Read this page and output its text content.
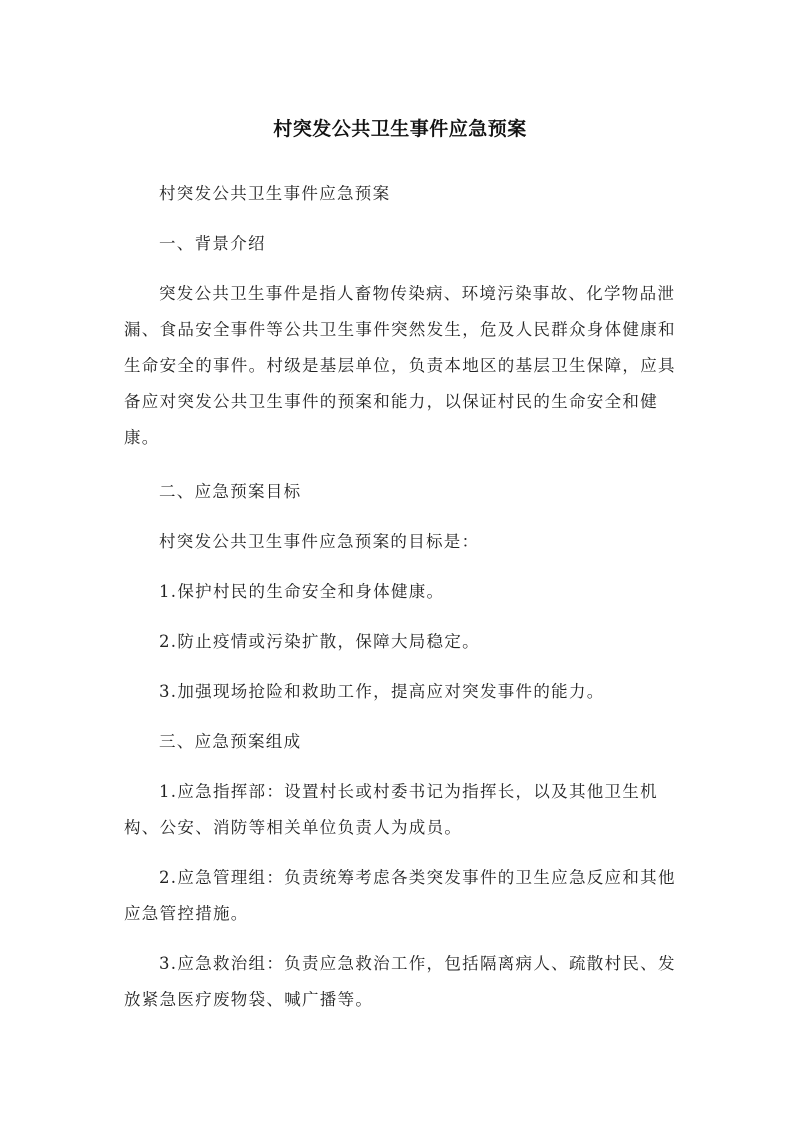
村突发公共卫生事件应急预案

村突发公共卫生事件应急预案

一、背景介绍

突发公共卫生事件是指人畜物传染病、环境污染事故、化学物品泄漏、食品安全事件等公共卫生事件突然发生，危及人民群众身体健康和生命安全的事件。村级是基层单位，负责本地区的基层卫生保障，应具备应对突发公共卫生事件的预案和能力，以保证村民的生命安全和健康。

二、应急预案目标

村突发公共卫生事件应急预案的目标是：

1.保护村民的生命安全和身体健康。

2.防止疫情或污染扩散，保障大局稳定。

3.加强现场抢险和救助工作，提高应对突发事件的能力。

三、应急预案组成

1.应急指挥部：设置村长或村委书记为指挥长，以及其他卫生机构、公安、消防等相关单位负责人为成员。

2.应急管理组：负责统筹考虑各类突发事件的卫生应急反应和其他应急管控措施。

3.应急救治组：负责应急救治工作，包括隔离病人、疏散村民、发放紧急医疗废物袋、喊广播等。
